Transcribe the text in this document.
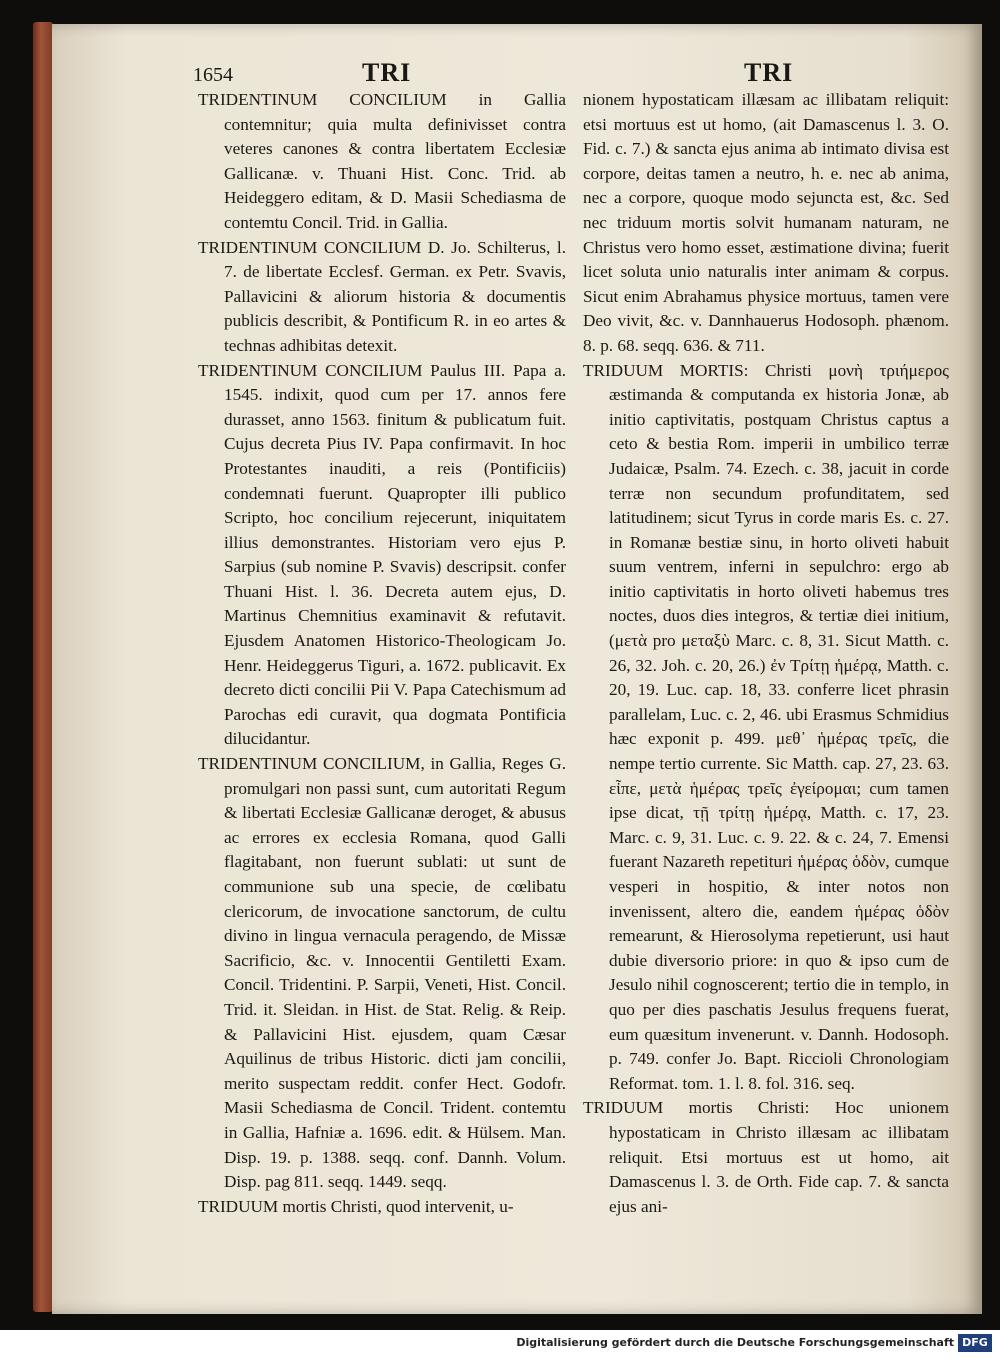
1654	TRI	TRI

TRIDENTINUM CONCILIUM in Gallia contemnitur; quia multa definivisset contra veteres canones & contra libertatem Ecclesiæ Gallicanæ. v. Thuani Hist. Conc. Trid. ab Heideggero editam, & D. Masii Schediasma de contemtu Concil. Trid. in Gallia.

TRIDENTINUM CONCILIUM D. Jo. Schilterus, l. 7. de libertate Ecclesf. German. ex Petr. Svavis, Pallavicini & aliorum historia & documentis publicis describit, & Pontificum R. in eo artes & technas adhibitas detexit.

TRIDENTINUM CONCILIUM Paulus III. Papa a. 1545. indixit, quod cum per 17. annos fere durasset, anno 1563. finitum & publicatum fuit. Cujus decreta Pius IV. Papa confirmavit. In hoc Protestantes inauditi, a reis (Pontificiis) condemnati fuerunt. Quapropter illi publico Scripto, hoc concilium rejecerunt, iniquitatem illius demonstrantes. Historiam vero ejus P. Sarpius (sub nomine P. Svavis) descripsit. confer Thuani Hist. l. 36. Decreta autem ejus, D. Martinus Chemnitius examinavit & refutavit. Ejusdem Anatomen Historico-Theologicam Jo. Henr. Heideggerus Tiguri, a. 1672. publicavit. Ex decreto dicti concilii Pii V. Papa Catechismum ad Parochas edi curavit, qua dogmata Pontificia dilucidantur.

TRIDENTINUM CONCILIUM, in Gallia, Reges G. promulgari non passi sunt, cum autoritati Regum & libertati Ecclesiæ Gallicanæ deroget, & abusus ac errores ex ecclesia Romana, quod Galli flagitabant, non fuerunt sublati: ut sunt de communione sub una specie, de cœlibatu clericorum, de invocatione sanctorum, de cultu divino in lingua vernacula peragendo, de Missæ Sacrificio, &c. v. Innocentii Gentiletti Exam. Concil. Tridentini. P. Sarpii, Veneti, Hist. Concil. Trid. it. Sleidan. in Hist. de Stat. Relig. & Reip. & Pallavicini Hist. ejusdem, quam Cæsar Aquilinus de tribus Historic. dicti jam concilii, merito suspectam reddit. confer Hect. Godofr. Masii Schediasma de Concil. Trident. contemtu in Gallia, Hafniæ a. 1696. edit. & Hülsem. Man. Disp. 19. p. 1388. seqq. conf. Dannh. Volum. Disp. pag 811. seqq. 1449. seqq.

TRIDUUM mortis Christi, quod intervenit, u-

nionem hypostaticam illæsam ac illibatam reliquit: etsi mortuus est ut homo, (ait Damascenus l. 3. O. Fid. c. 7.) & sancta ejus anima ab intimato divisa est corpore, deitas tamen a neutro, h. e. nec ab anima, nec a corpore, quoque modo sejuncta est, &c. Sed nec triduum mortis solvit humanam naturam, ne Christus vero homo esset, æstimatione divina; fuerit licet soluta unio naturalis inter animam & corpus. Sicut enim Abrahamus physice mortuus, tamen vere Deo vivit, &c. v. Dannhauerus Hodosoph. phænom. 8. p. 68. seqq. 636. & 711.

TRIDUUM MORTIS: Christi μονὴ τριήμερος æstimanda & computanda ex historia Jonæ, ab initio captivitatis, postquam Christus captus a ceto & bestia Rom. imperii in umbilico terræ Judaicæ, Psalm. 74. Ezech. c. 38, jacuit in corde terræ non secundum profunditatem, sed latitudinem; sicut Tyrus in corde maris Es. c. 27. in Romanæ bestiæ sinu, in horto oliveti habuit suum ventrem, inferni in sepulchro: ergo ab initio captivitatis in horto oliveti habemus tres noctes, duos dies integros, & tertiæ diei initium, (μετὰ pro μεταξὺ Marc. c. 8, 31. Sicut Matth. c. 26, 32. Joh. c. 20, 26.) ἐν Τρίτῃ ἡμέρᾳ, Matth. c. 20, 19. Luc. cap. 18, 33. conferre licet phrasin parallelam, Luc. c. 2, 46. ubi Erasmus Schmidius hæc exponit p. 499. μεθ᾽ ἡμέρας τρεῖς, die nempe tertio currente. Sic Matth. cap. 27, 23. 63. εἶπε, μετὰ ἡμέρας τρεῖς ἐγείρομαι; cum tamen ipse dicat, τῇ τρίτῃ ἡμέρᾳ, Matth. c. 17, 23. Marc. c. 9, 31. Luc. c. 9. 22. & c. 24, 7. Emensi fuerant Nazareth repetituri ἡμέρας ὁδὸν, cumque vesperi in hospitio, & inter notos non invenissent, altero die, eandem ἡμέρας ὁδὸν remearunt, & Hierosolyma repetierunt, usi haut dubie diversorio priore: in quo & ipso cum de Jesulo nihil cognoscerent; tertio die in templo, in quo per dies paschatis Jesulus frequens fuerat, eum quæsitum invenerunt. v. Dannh. Hodosoph. p. 749. confer Jo. Bapt. Riccioli Chronologiam Reformat. tom. 1. l. 8. fol. 316. seq.

TRIDUUM mortis Christi: Hoc unionem hypostaticam in Christo illæsam ac illibatam reliquit. Etsi mortuus est ut homo, ait Damascenus l. 3. de Orth. Fide cap. 7. & sancta ejus ani-

Digitalisierung gefördert durch die Deutsche Forschungsgemeinschaft DFG
